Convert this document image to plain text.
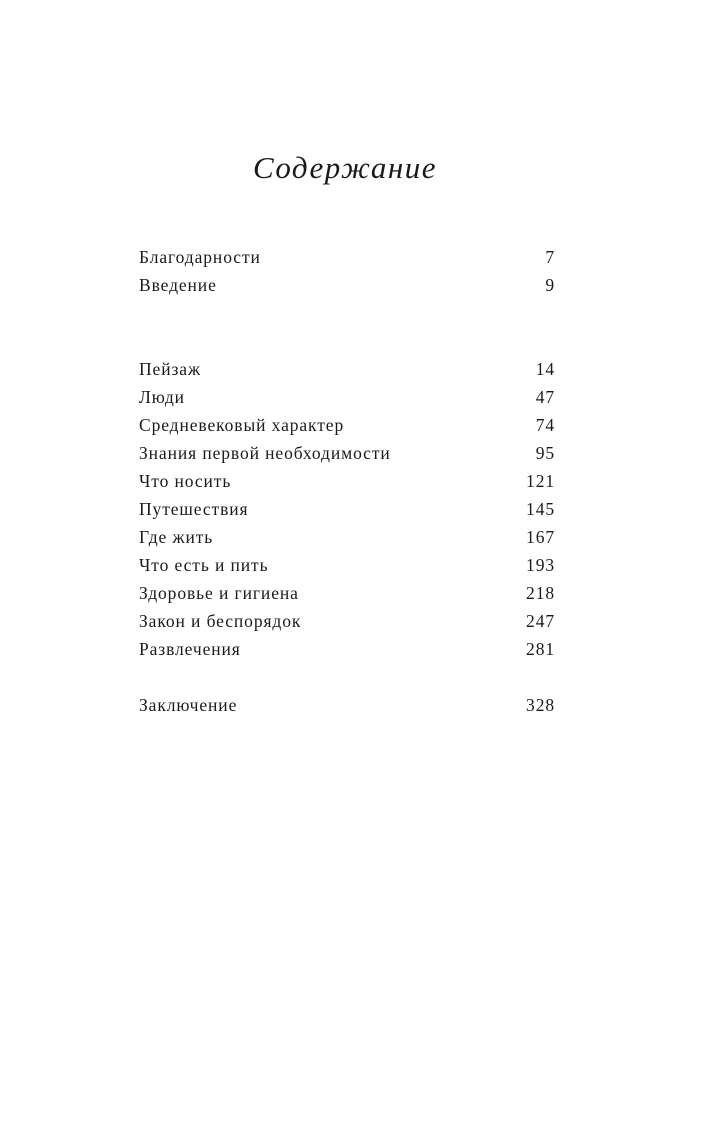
Содержание
Благодарности	7
Введение	9
Пейзаж	14
Люди	47
Средневековый характер	74
Знания первой необходимости	95
Что носить	121
Путешествия	145
Где жить	167
Что есть и пить	193
Здоровье и гигиена	218
Закон и беспорядок	247
Развлечения	281
Заключение	328
